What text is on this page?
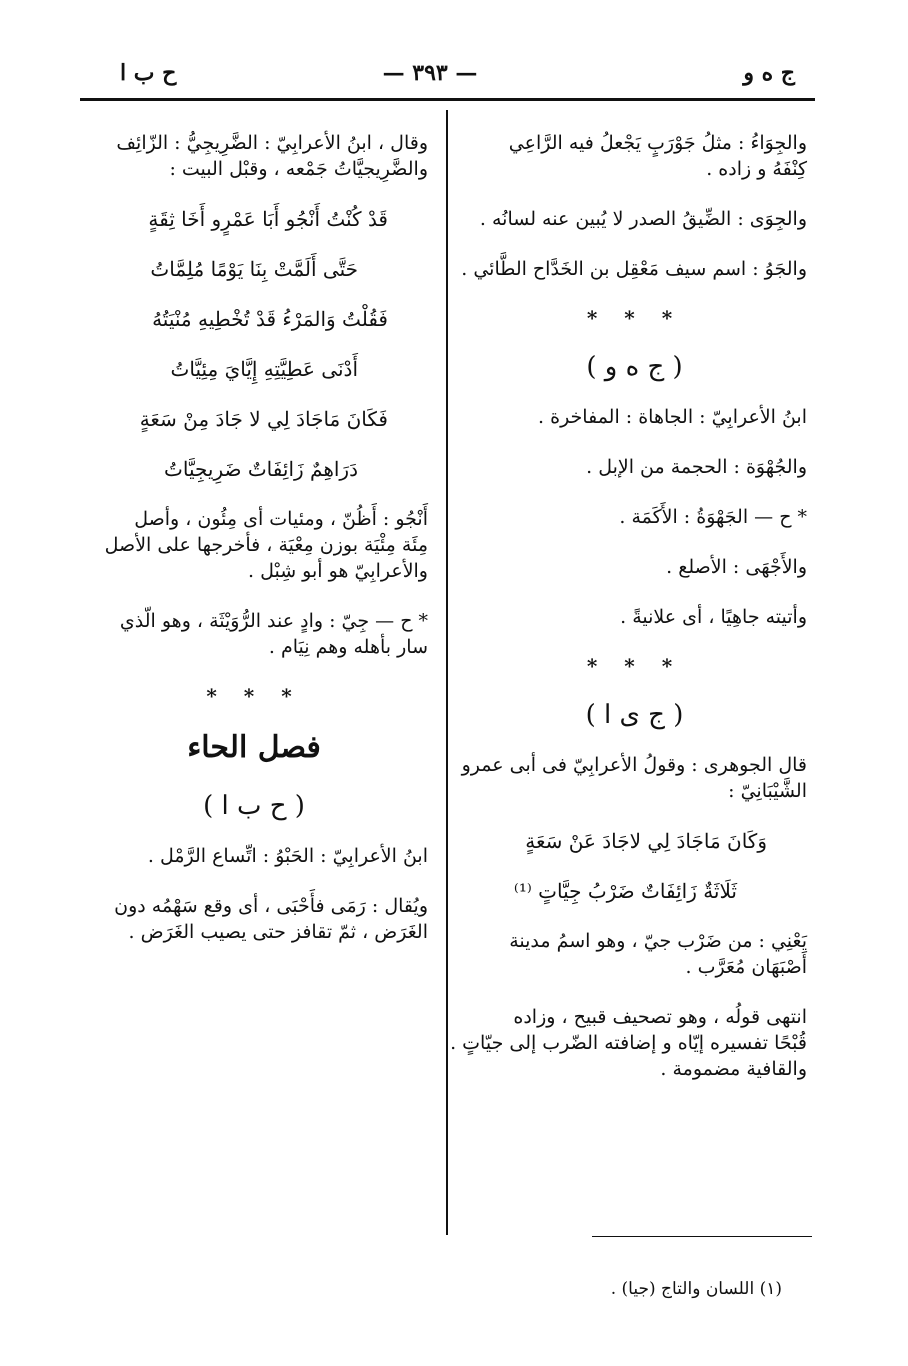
ج ه و
— ٣٩٣ —
ح ب ا

والجِوَاءُ : مثلُ جَوْرَبٍ يَجْعلُ فيه الرَّاعِي

كِنْفَهُ و زاده .

والجِوَى : الضِّيقُ الصدر لا يُبين عنه لسانُه .

والجَوُ : اسم سيف مَعْقِل بن الخَدَّاح الطَّائي .

* * *

( ج ه و )

ابنُ الأعرابِيّ : الجاهاة : المفاخرة .

والجُهْوَة : الحجمة من الإبل .

* ح — الجَهْوَةُ : الأَكَمَة .

والأَجْهَى : الأصلع .

وأتيته جاهِيًا ، أى علانيةً .

* * *

( ج ى ا )

قال الجوهرى : وقولُ الأعرابِيّ فى أبى عمرو

الشَّيْبَانِيّ :

وَكَانَ مَاجَادَ لِي لاجَادَ عَنْ سَعَةٍ

ثَلَاثَةٌ زَائِفَاتٌ ضَرْبُ جِيَّاتٍ ⁽¹⁾

يَعْنِي : من ضَرْب جيّ ، وهو اسمُ مدينة

أَصْبَهَان مُعَرَّب .

انتهى قولُه ، وهو تصحيف قبيح ، وزاده

قُبْحًا تفسيره إيّاه و إضافته الضّرب إلى جيّاتٍ .

والقافية مضمومة .

وقال ، ابنُ الأعرابِيّ : الضَّرِيجِيُّ : الزّائِف

والضَّرِيجيَّاتُ جَمْعه ، وقبْل البيت :

قَدْ كُنْتُ أَنْجُو أَبَا عَمْرٍو أَخَا ثِقَةٍ

حَتَّى أَلَمَّتْ بِنَا يَوْمًا مُلِمَّاتُ

فَقُلْتُ وَالمَرْءُ قَدْ تُخْطِيهِ مُنْيَتُهُ

أَدْنَى عَطِيَّتِهِ إِيَّايَ مِئِيَّاتُ

فَكَانَ مَاجَادَ لِي لا جَادَ مِنْ سَعَةٍ

دَرَاهِمٌ زَائِفَاتٌ ضَرِيجِيَّاتُ

أَنْجُو : أَظُنّ ، ومئيات أى مِئُون ، وأصل

مِئَة مِئْيَة بوزن مِعْيَة ، فأخرجها على الأصل

والأعرابِيّ هو أبو شِبْل .

* ح — جِيّ : وادٍ عند الرُّوَيْثَة ، وهو الّذي

سار بأهله وهم نِيَام .

* * *

فصل الحاء

( ح ب ا )

ابنُ الأعرابِيّ : الحَبْوُ : اتِّساع الرَّمْل .

ويُقال : رَمَى فأَحْبَى ، أى وقع سَهْمُه دون

الغَرَض ، ثمّ تقافز حتى يصيب الغَرَض .

(١) اللسان والتاج (جيا) .
